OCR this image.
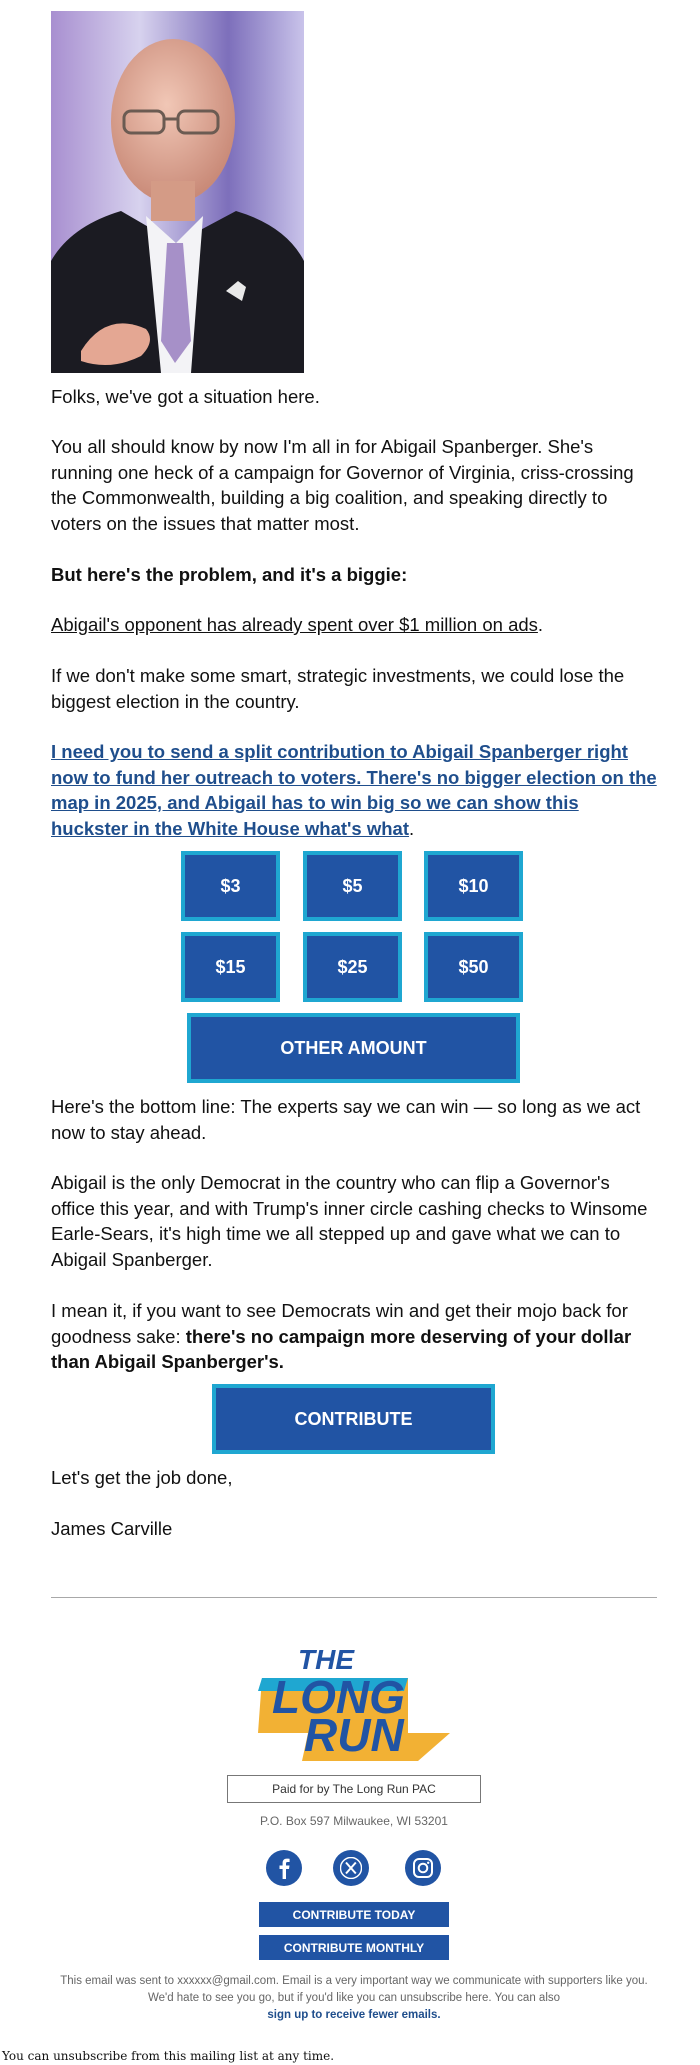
Folks, we've got a situation here.

You all should know by now I'm all in for Abigail Spanberger. She's running one heck of a campaign for Governor of Virginia, criss-crossing the Commonwealth, building a big coalition, and speaking directly to voters on the issues that matter most.

But here's the problem, and it's a biggie:

Abigail's opponent has already spent over $1 million on ads.

If we don't make some smart, strategic investments, we could lose the biggest election in the country.

I need you to send a split contribution to Abigail Spanberger right now to fund her outreach to voters. There's no bigger election on the map in 2025, and Abigail has to win big so we can show this huckster in the White House what's what.

$3	$5	$10
$15	$25	$50
OTHER AMOUNT

Here's the bottom line: The experts say we can win — so long as we act now to stay ahead.

Abigail is the only Democrat in the country who can flip a Governor's office this year, and with Trump's inner circle cashing checks to Winsome Earle-Sears, it's high time we all stepped up and gave what we can to Abigail Spanberger.

I mean it, if you want to see Democrats win and get their mojo back for goodness sake: there's no campaign more deserving of your dollar than Abigail Spanberger's.

CONTRIBUTE

Let's get the job done,

James Carville

THE
LONG
RUN
Paid for by The Long Run PAC
P.O. Box 597 Milwaukee, WI 53201
CONTRIBUTE TODAY
CONTRIBUTE MONTHLY

This email was sent to xxxxxx@gmail.com. Email is a very important way we communicate with supporters like you. We'd hate to see you go, but if you'd like you can unsubscribe here. You can also
sign up to receive fewer emails.

You can unsubscribe from this mailing list at any time.
